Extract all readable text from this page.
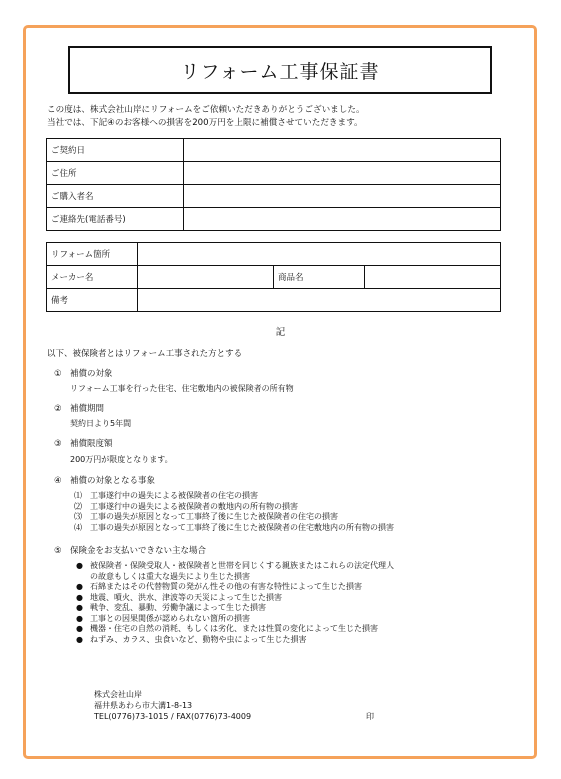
リフォーム工事保証書
この度は、株式会社山岸にリフォームをご依頼いただきありがとうございました。
当社では、下記④のお客様への損害を200万円を上限に補償させていただきます。
ご契約日	
ご住所	
ご購入者名	
ご連絡先(電話番号)	
リフォーム箇所			
メーカー名		商品名	
備考			
記
以下、被保険者とはリフォーム工事された方とする
① 補償の対象
リフォーム工事を行った住宅、住宅敷地内の被保険者の所有物
② 補償期間
契約日より5年間
③ 補償限度額
200万円が限度となります。
④ 補償の対象となる事象
⑴ 工事遂行中の過失による被保険者の住宅の損害
⑵ 工事遂行中の過失による被保険者の敷地内の所有物の損害
⑶ 工事の過失が原因となって工事終了後に生じた被保険者の住宅の損害
⑷ 工事の過失が原因となって工事終了後に生じた被保険者の住宅敷地内の所有物の損害
⑤ 保険金をお支払いできない主な場合
● 被保険者・保険受取人・被保険者と世帯を同じくする親族またはこれらの法定代理人
の故意もしくは重大な過失により生じた損害
● 石綿またはその代替物質の発がん性その他の有害な特性によって生じた損害
● 地震、噴火、洪水、津波等の天災によって生じた損害
● 戦争、変乱、暴動、労働争議によって生じた損害
● 工事との因果関係が認められない箇所の損害
● 機器・住宅の自然の消耗、もしくは劣化、または性質の変化によって生じた損害
● ねずみ、カラス、虫食いなど、動物や虫によって生じた損害
株式会社山岸
福井県あわら市大溝1-8-13
TEL(0776)73-1015 / FAX(0776)73-4009	印
